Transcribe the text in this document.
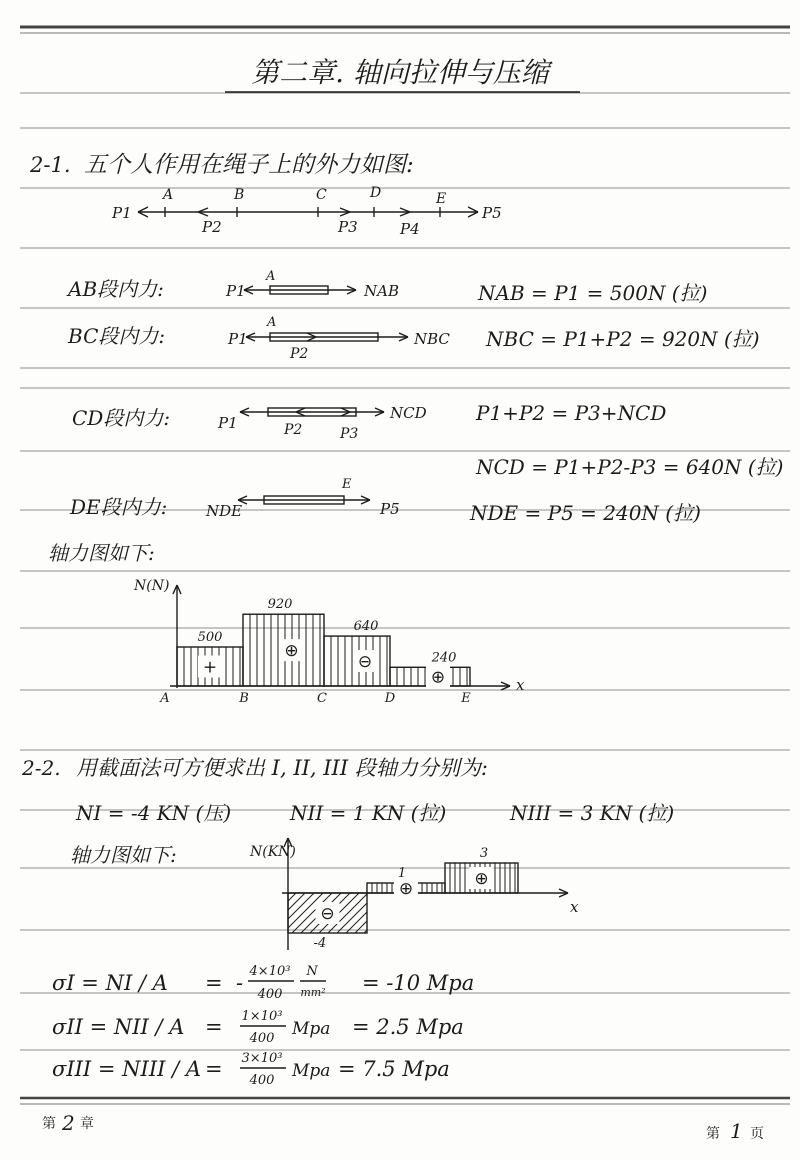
第二章. 轴向拉伸与压缩
2-1. 五个人作用在绳子上的外力如图:
A	B	C	D	E
P1
P2	P3	P4
P5
AB段内力:	P1
A
NAB	NAB = P1 = 500N (拉)
BC段内力:	P1
A
P2
NBC NBC = P1+P2 = 920N (拉)
CD段内力:	P1	P2	P3
NCD P1+P2 = P3+NCD
NCD = P1+P2-P3 = 640N (拉)
DE段内力:	NDE
E
P5	NDE = P5 = 240N (拉)
轴力图如下:
N(N)
x
+
500
⊕
920
⊖
640
⊕
240
A	B	C	D	E
2-2. 用截面法可方便求出 I, II, III 段轴力分别为:
NI = -4 KN (压)	NII = 1 KN (拉)	NIII = 3 KN (拉)
轴力图如下:	N(KN)
x
⊖
-4
⊕
1	⊕
3
σI = NI / A = - 4×10³
400
N
mm² = -10 Mpa
σII = NII / A = 1×10³
400 Mpa = 2.5 Mpa
σIII = NIII / A = 3×10³
400 Mpa = 7.5 Mpa
第 2 章
第 1 页
